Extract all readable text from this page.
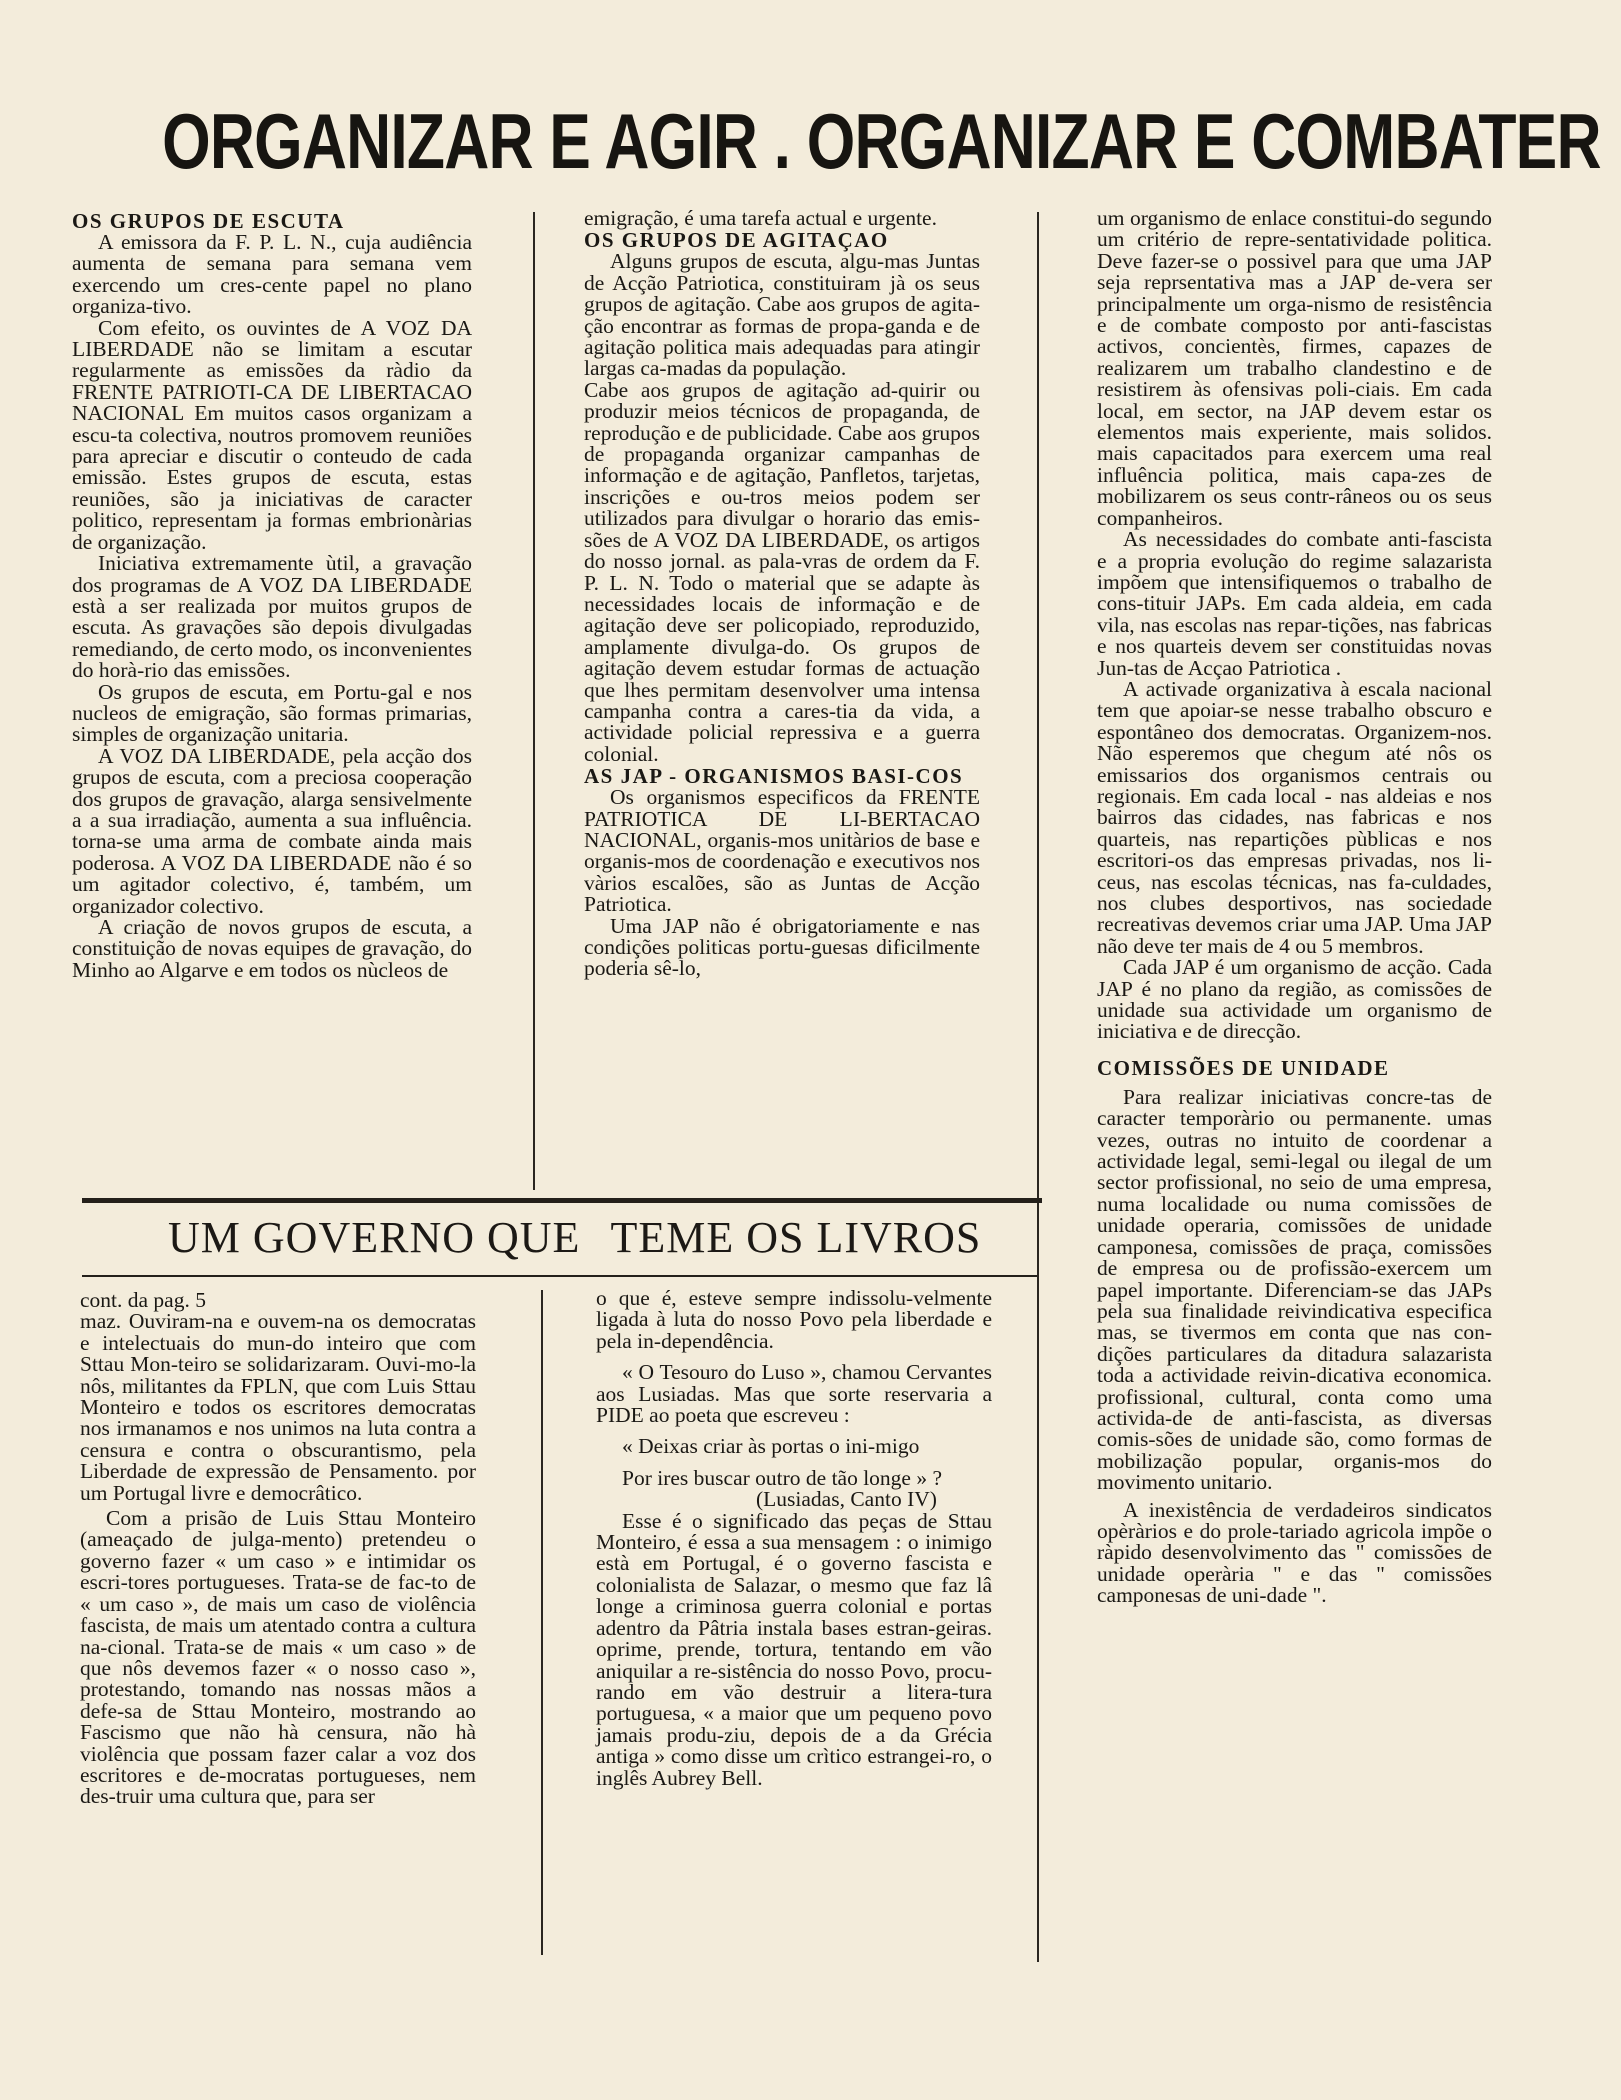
ORGANIZAR E AGIR . ORGANIZAR E COMBATER
OS GRUPOS DE ESCUTA

A emissora da F. P. L. N., cuja audiência aumenta de semana para semana vem exercendo um cres-cente papel no plano organiza-tivo.

Com efeito, os ouvintes de A VOZ DA LIBERDADE não se limitam a escutar regularmente as emissões da ràdio da FRENTE PATRIOTI-CA DE LIBERTACAO NACIONAL Em muitos casos organizam a escu-ta colectiva, noutros promovem reuniões para apreciar e discutir o conteudo de cada emissão. Estes grupos de escuta, estas reuniões, são ja iniciativas de caracter politico, representam ja formas embrionàrias de organização.

Iniciativa extremamente ùtil, a gravação dos programas de A VOZ DA LIBERDADE està a ser realizada por muitos grupos de escuta. As gravações são depois divulgadas remediando, de certo modo, os inconvenientes do horà-rio das emissões.

Os grupos de escuta, em Portu-gal e nos nucleos de emigração, são formas primarias, simples de organização unitaria.

A VOZ DA LIBERDADE, pela acção dos grupos de escuta, com a preciosa cooperação dos grupos de gravação, alarga sensivelmente a a sua irradiação, aumenta a sua influência. torna-se uma arma de combate ainda mais poderosa. A VOZ DA LIBERDADE não é so um agitador colectivo, é, também, um organizador colectivo.

A criação de novos grupos de escuta, a constituição de novas equipes de gravação, do Minho ao Algarve e em todos os nùcleos de

emigração, é uma tarefa actual e urgente.

OS GRUPOS DE AGITAÇAO

Alguns grupos de escuta, algu-mas Juntas de Acção Patriotica, constituiram jà os seus grupos de agitação. Cabe aos grupos de agita-ção encontrar as formas de propa-ganda e de agitação politica mais adequadas para atingir largas ca-madas da população.

Cabe aos grupos de agitação ad-quirir ou produzir meios técnicos de propaganda, de reprodução e de publicidade. Cabe aos grupos de propaganda organizar campanhas de informação e de agitação, Panfletos, tarjetas, inscrições e ou-tros meios podem ser utilizados para divulgar o horario das emis-sões de A VOZ DA LIBERDADE, os artigos do nosso jornal. as pala-vras de ordem da F. P. L. N. Todo o material que se adapte às necessidades locais de informação e de agitação deve ser policopiado, reproduzido, amplamente divulga-do. Os grupos de agitação devem estudar formas de actuação que lhes permitam desenvolver uma intensa campanha contra a cares-tia da vida, a actividade policial repressiva e a guerra colonial.

AS JAP - ORGANISMOS BASI-COS

Os organismos especificos da FRENTE PATRIOTICA DE LI-BERTACAO NACIONAL, organis-mos unitàrios de base e organis-mos de coordenação e executivos nos vàrios escalões, são as Juntas de Acção Patriotica.

Uma JAP não é obrigatoriamente e nas condições politicas portu-guesas dificilmente poderia sê-lo,

um organismo de enlace constitui-do segundo um critério de repre-sentatividade politica. Deve fazer-se o possivel para que uma JAP seja reprsentativa mas a JAP de-vera ser principalmente um orga-nismo de resistência e de combate composto por anti-fascistas activos, concientès, firmes, capazes de realizarem um trabalho clandestino e de resistirem às ofensivas poli-ciais. Em cada local, em sector, na JAP devem estar os elementos mais experiente, mais solidos. mais capacitados para exercem uma real influência politica, mais capa-zes de mobilizarem os seus contr-râneos ou os seus companheiros.

As necessidades do combate anti-fascista e a propria evolução do regime salazarista impõem que intensifiquemos o trabalho de cons-tituir JAPs. Em cada aldeia, em cada vila, nas escolas nas repar-tições, nas fabricas e nos quarteis devem ser constituidas novas Jun-tas de Acçao Patriotica .

A activade organizativa à escala nacional tem que apoiar-se nesse trabalho obscuro e espontâneo dos democratas. Organizem-nos. Não esperemos que chegum até nôs os emissarios dos organismos centrais ou regionais. Em cada local - nas aldeias e nos bairros das cidades, nas fabricas e nos quarteis, nas repartições pùblicas e nos escritori-os das empresas privadas, nos li-ceus, nas escolas técnicas, nas fa-culdades, nos clubes desportivos, nas sociedade recreativas devemos criar uma JAP. Uma JAP não deve ter mais de 4 ou 5 membros.

Cada JAP é um organismo de acção. Cada JAP é no plano da região, as comissões de unidade sua actividade um organismo de iniciativa e de direcção.

COMISSÕES DE UNIDADE

Para realizar iniciativas concre-tas de caracter temporàrio ou permanente. umas vezes, outras no intuito de coordenar a actividade legal, semi-legal ou ilegal de um sector profissional, no seio de uma empresa, numa localidade ou numa comissões de unidade operaria, comissões de unidade camponesa, comissões de praça, comissões de empresa ou de profissão-exercem um papel importante. Diferenciam-se das JAPs pela sua finalidade reivindicativa especifica mas, se tivermos em conta que nas con-dições particulares da ditadura salazarista toda a actividade reivin-dicativa economica. profissional, cultural, conta como uma activida-de de anti-fascista, as diversas comis-sões de unidade são, como formas de mobilização popular, organis-mos do movimento unitario.

A inexistência de verdadeiros sindicatos opèràrios e do prole-tariado agricola impõe o ràpido desenvolvimento das " comissões de unidade operària " e das " comissões camponesas de uni-dade ".

UM GOVERNO QUE TEME OS LIVROS

cont. da pag. 5

maz. Ouviram-na e ouvem-na os democratas e intelectuais do mun-do inteiro que com Sttau Mon-teiro se solidarizaram. Ouvi-mo-la nôs, militantes da FPLN, que com Luis Sttau Monteiro e todos os escritores democratas nos irmanamos e nos unimos na luta contra a censura e contra o obscurantismo, pela Liberdade de expressão de Pensamento. por um Portugal livre e democrâtico.

Com a prisão de Luis Sttau Monteiro (ameaçado de julga-mento) pretendeu o governo fazer « um caso » e intimidar os escri-tores portugueses. Trata-se de fac-to de « um caso », de mais um caso de violência fascista, de mais um atentado contra a cultura na-cional. Trata-se de mais « um caso » de que nôs devemos fazer « o nosso caso », protestando, tomando nas nossas mãos a defe-sa de Sttau Monteiro, mostrando ao Fascismo que não hà censura, não hà violência que possam fazer calar a voz dos escritores e de-mocratas portugueses, nem des-truir uma cultura que, para ser

o que é, esteve sempre indissolu-velmente ligada à luta do nosso Povo pela liberdade e pela in-dependência.

« O Tesouro do Luso », chamou Cervantes aos Lusiadas. Mas que sorte reservaria a PIDE ao poeta que escreveu :

« Deixas criar às portas o ini-migo

Por ires buscar outro de tão longe » ?

(Lusiadas, Canto IV)

Esse é o significado das peças de Sttau Monteiro, é essa a sua mensagem : o inimigo està em Portugal, é o governo fascista e colonialista de Salazar, o mesmo que faz lâ longe a criminosa guerra colonial e portas adentro da Pâtria instala bases estran-geiras. oprime, prende, tortura, tentando em vão aniquilar a re-sistência do nosso Povo, procu-rando em vão destruir a litera-tura portuguesa, « a maior que um pequeno povo jamais produ-ziu, depois de a da Grécia antiga » como disse um crìtico estrangei-ro, o inglês Aubrey Bell.
